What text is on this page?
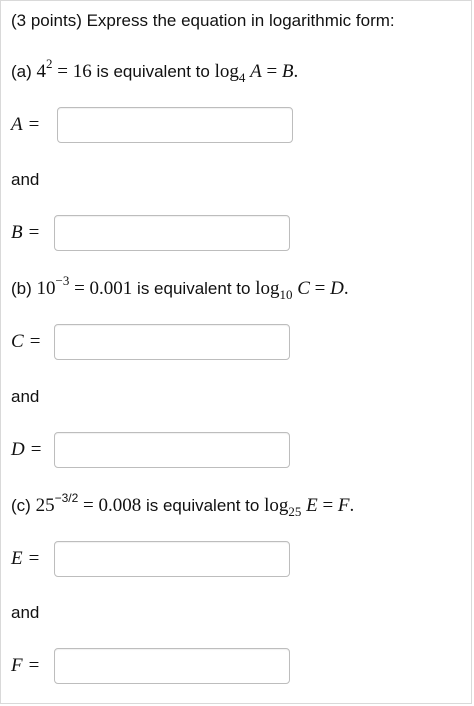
(3 points) Express the equation in logarithmic form:
(a) $4^2 = 16$ is equivalent to $\log_4 A = B$.
A =
and
B =
(b) $10^{-3} = 0.001$ is equivalent to $\log_{10} C = D$.
C =
and
D =
(c) $25^{-3/2} = 0.008$ is equivalent to $\log_{25} E = F$.
E =
and
F =
